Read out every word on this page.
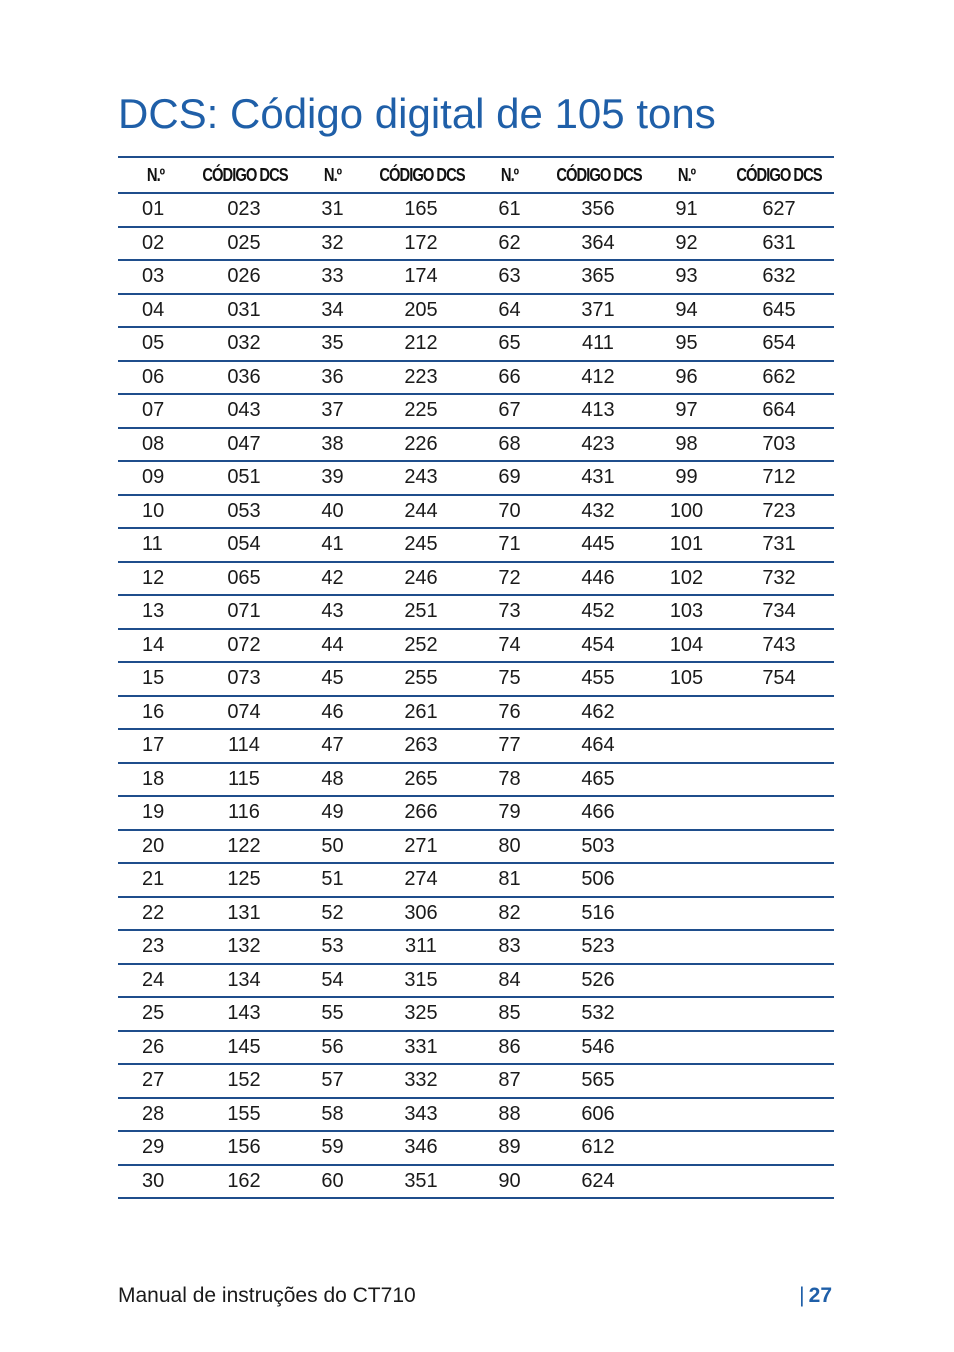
DCS: Código digital de 105 tons
N.º	CÓDIGO DCS	N.º	CÓDIGO DCS	N.º	CÓDIGO DCS	N.º	CÓDIGO DCS
01	023	31	165	61	356	91	627
02	025	32	172	62	364	92	631
03	026	33	174	63	365	93	632
04	031	34	205	64	371	94	645
05	032	35	212	65	411	95	654
06	036	36	223	66	412	96	662
07	043	37	225	67	413	97	664
08	047	38	226	68	423	98	703
09	051	39	243	69	431	99	712
10	053	40	244	70	432	100	723
11	054	41	245	71	445	101	731
12	065	42	246	72	446	102	732
13	071	43	251	73	452	103	734
14	072	44	252	74	454	104	743
15	073	45	255	75	455	105	754
16	074	46	261	76	462		
17	114	47	263	77	464		
18	115	48	265	78	465		
19	116	49	266	79	466		
20	122	50	271	80	503		
21	125	51	274	81	506		
22	131	52	306	82	516		
23	132	53	311	83	523		
24	134	54	315	84	526		
25	143	55	325	85	532		
26	145	56	331	86	546		
27	152	57	332	87	565		
28	155	58	343	88	606		
29	156	59	346	89	612		
30	162	60	351	90	624		
Manual de instruções do CT710	| 27
